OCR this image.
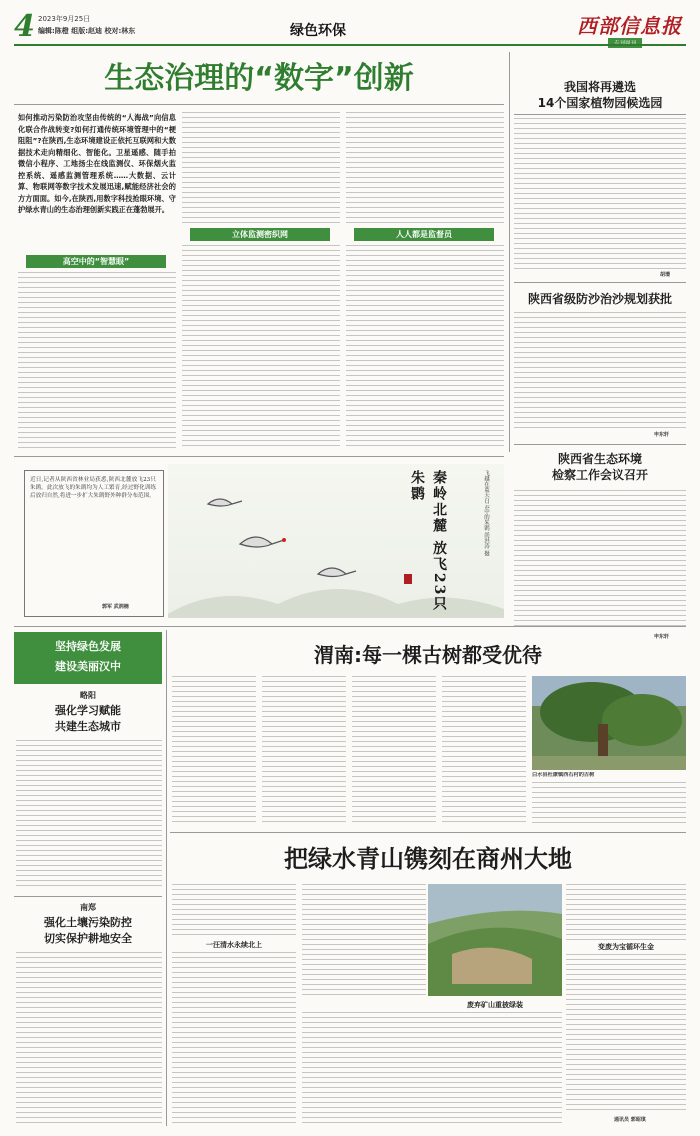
4 2023年9月25日
编辑:陈橙 组版:赵迪 校对:林东	绿色环保	西部信息报
生态治理的“数字”创新
如何推动污染防治攻坚由传统的“人海战”向信息化联合作战转变?如何打通传统环境管理中的“梗阻阻”?在陕西,生态环境建设正依托互联网和大数据技术走向精细化、智能化。卫星遥感、随手拍微信小程序、工地扬尘在线监测仪、环保烟火监控系统、遥感监测管理系统……大数据、云计算、物联网等数字技术发展迅速,赋能经济社会的方方面面。如今,在陕西,用数字科技抢眼环境、守护绿水青山的生态治理创新实践正在蓬勃展开。
高空中的“智慧眼”
立体监测密织网	人人都是监督员
我国将再遴选
14个国家植物园候选园
胡璟
陕西省级防沙治沙规划获批
申东轩
陕西省生态环境
检察工作会议召开
申东轩
近日,记者从陕西省林业局获悉,陕西北麓放飞23只朱鹮。此次放飞的朱鹮均为人工繁育,经过野化训练后放归自然,将进一步扩大朱鹮野外种群分布范围。
郭军 武润楠	秦岭北麓 放飞23只朱鹮	飞越在蓝天白云中的朱鹮 尚洪涛 摄
坚持绿色发展
建设美丽汉中
略阳
强化学习赋能
共建生态城市
南郑
强化土壤污染防控
切实保护耕地安全
渭南:每一棵古树都受优待
白水县杜康镇西石村的古树
把绿水青山镌刻在商州大地
一汪清水永续北上
废弃矿山重披绿装
变废为宝循环生金
通讯员 郭昭琪
